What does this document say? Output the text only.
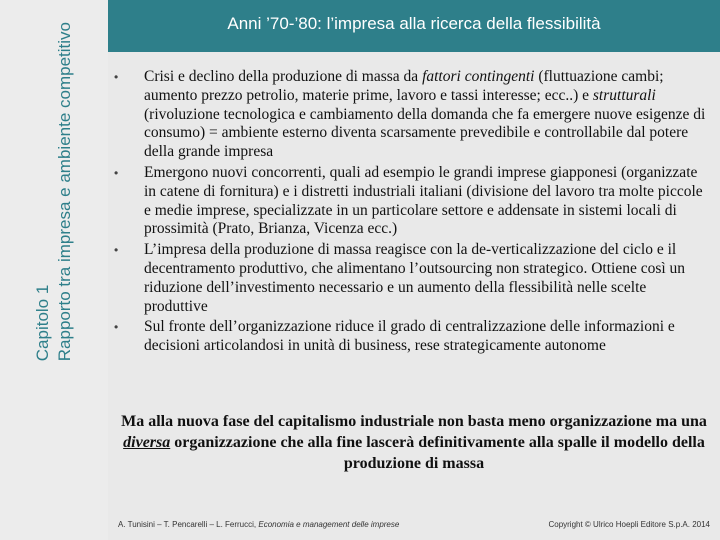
Capitolo 1 Rapporto tra impresa e ambiente competitivo	Anni ’70-’80: l’impresa alla ricerca della flessibilità
• Crisi e declino della produzione di massa da fattori contingenti (fluttuazione cambi; aumento prezzo petrolio, materie prime, lavoro e tassi interesse; ecc..) e strutturali (rivoluzione tecnologica e cambiamento della domanda che fa emergere nuove esigenze di consumo) = ambiente esterno diventa scarsamente prevedibile e controllabile dal potere della grande impresa
• Emergono nuovi concorrenti, quali ad esempio le grandi imprese giapponesi (organizzate in catene di fornitura) e i distretti industriali italiani (divisione del lavoro tra molte piccole e medie imprese, specializzate in un particolare settore e addensate in sistemi locali di prossimità (Prato, Brianza, Vicenza ecc.)
• L’impresa della produzione di massa reagisce con la de-verticalizzazione del ciclo e il decentramento produttivo, che alimentano l’outsourcing non strategico. Ottiene così un riduzione dell’investimento necessario e un aumento della flessibilità nelle scelte produttive
• Sul fronte dell’organizzazione riduce il grado di centralizzazione delle informazioni e decisioni articolandosi in unità di business, rese strategicamente autonome
Ma alla nuova fase del capitalismo industriale non basta meno organizzazione ma una diversa organizzazione che alla fine lascerà definitivamente alla spalle il modello della produzione di massa
A. Tunisini – T. Pencarelli – L. Ferrucci, Economia e management delle imprese	Copyright © Ulrico Hoepli Editore S.p.A. 2014
